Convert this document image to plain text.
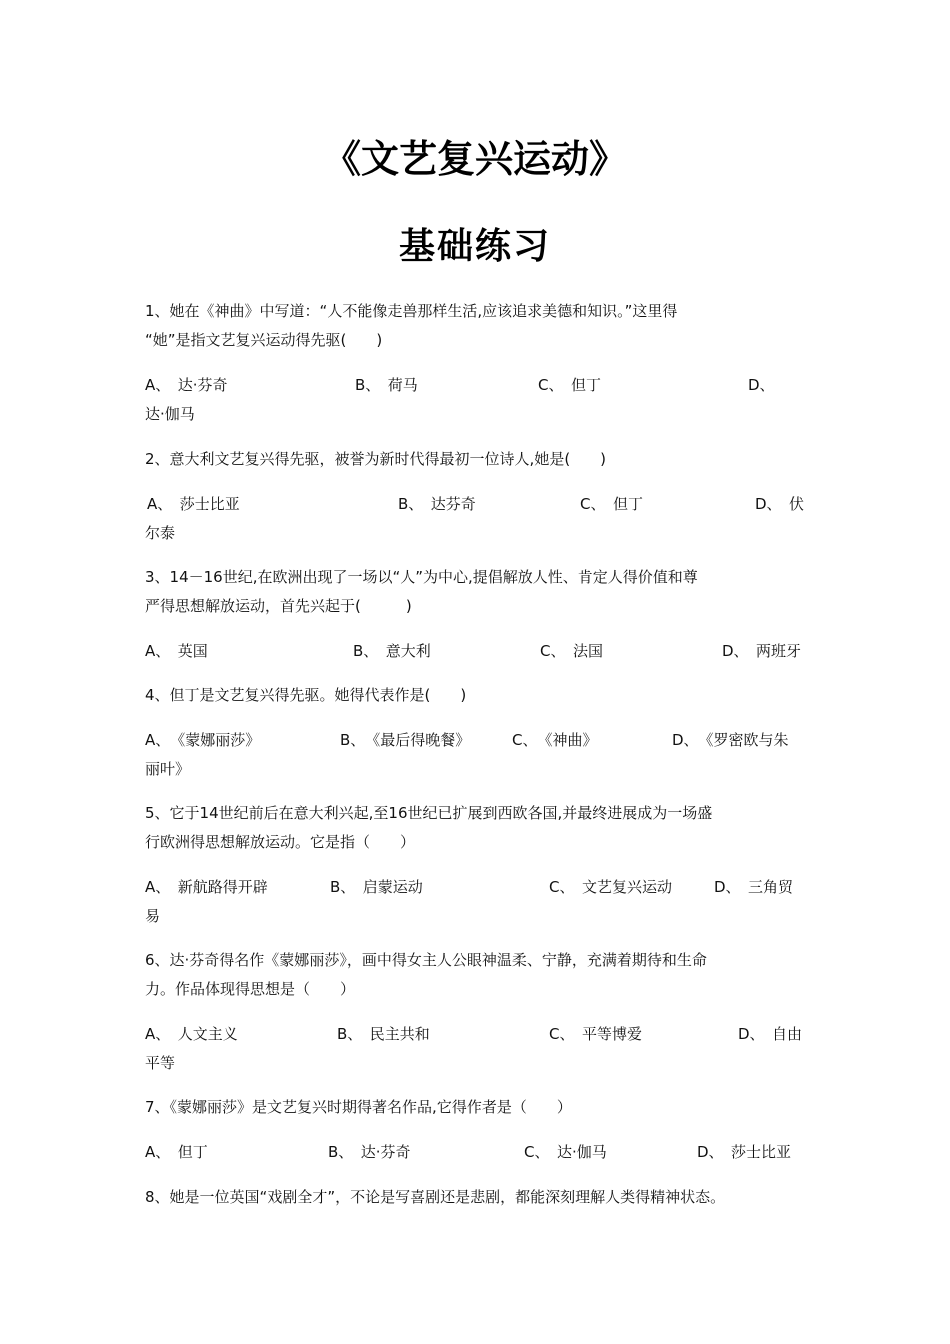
《文艺复兴运动》
基础练习
1、她在《神曲》中写道：“人不能像走兽那样生活,应该追求美德和知识。”这里得
“她”是指文艺复兴运动得先驱(　　)
A、　达·芬奇	B、　荷马	C、　但丁	D、
达·伽马
2、意大利文艺复兴得先驱，被誉为新时代得最初一位诗人,她是(　　)
A、　莎士比亚	B、　达芬奇	C、　但丁	D、　伏
尔泰
3、14－16世纪,在欧洲出现了一场以“人”为中心,提倡解放人性、肯定人得价值和尊
严得思想解放运动，首先兴起于(　　　)
A、　英国	B、　意大利	C、　法国	D、　两班牙
4、但丁是文艺复兴得先驱。她得代表作是(　　)
A、　《蒙娜丽莎》	B、　《最后得晚餐》	C、　《神曲》	D、　《罗密欧与朱
丽叶》
5、它于14世纪前后在意大利兴起,至16世纪已扩展到西欧各国,并最终进展成为一场盛
行欧洲得思想解放运动。它是指（　　）
A、　新航路得开辟	B、　启蒙运动	C、　文艺复兴运动	D、　三角贸
易
6、达·芬奇得名作《蒙娜丽莎》，画中得女主人公眼神温柔、宁静，充满着期待和生命
力。作品体现得思想是（　　）
A、　人文主义	B、　民主共和	C、　平等博爱	D、　自由
平等
7、《蒙娜丽莎》是文艺复兴时期得著名作品,它得作者是（　　）
A、　但丁	B、　达·芬奇	C、　达·伽马	D、　莎士比亚
8、她是一位英国“戏剧全才”，不论是写喜剧还是悲剧，都能深刻理解人类得精神状态。
